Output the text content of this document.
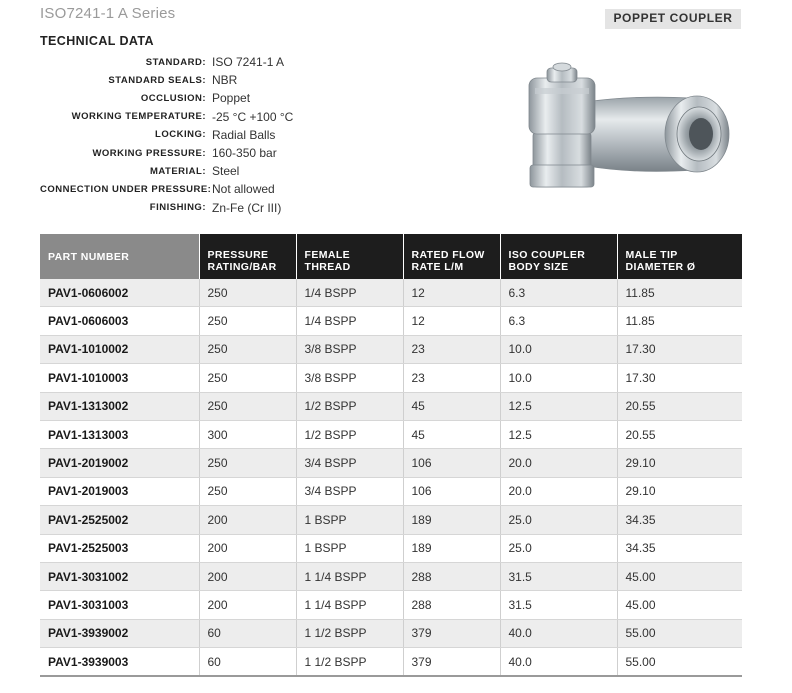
ISO7241-1 A Series	POPPET COUPLER
TECHNICAL DATA
STANDARD: ISO 7241-1 A
STANDARD SEALS: NBR
OCCLUSION: Poppet
WORKING TEMPERATURE: -25 °C +100 °C
LOCKING: Radial Balls
WORKING PRESSURE: 160-350 bar
MATERIAL: Steel
CONNECTION UNDER PRESSURE: Not allowed
FINISHING: Zn-Fe (Cr III)
PART NUMBER	PRESSURE RATING/BAR	FEMALE THREAD	RATED FLOW RATE L/M	ISO COUPLER BODY SIZE	MALE TIP DIAMETER Ø
PAV1-0606002	250	1/4 BSPP	12	6.3	11.85
PAV1-0606003	250	1/4 BSPP	12	6.3	11.85
PAV1-1010002	250	3/8 BSPP	23	10.0	17.30
PAV1-1010003	250	3/8 BSPP	23	10.0	17.30
PAV1-1313002	250	1/2 BSPP	45	12.5	20.55
PAV1-1313003	300	1/2 BSPP	45	12.5	20.55
PAV1-2019002	250	3/4 BSPP	106	20.0	29.10
PAV1-2019003	250	3/4 BSPP	106	20.0	29.10
PAV1-2525002	200	1 BSPP	189	25.0	34.35
PAV1-2525003	200	1 BSPP	189	25.0	34.35
PAV1-3031002	200	1 1/4 BSPP	288	31.5	45.00
PAV1-3031003	200	1 1/4 BSPP	288	31.5	45.00
PAV1-3939002	60	1 1/2 BSPP	379	40.0	55.00
PAV1-3939003	60	1 1/2 BSPP	379	40.0	55.00
